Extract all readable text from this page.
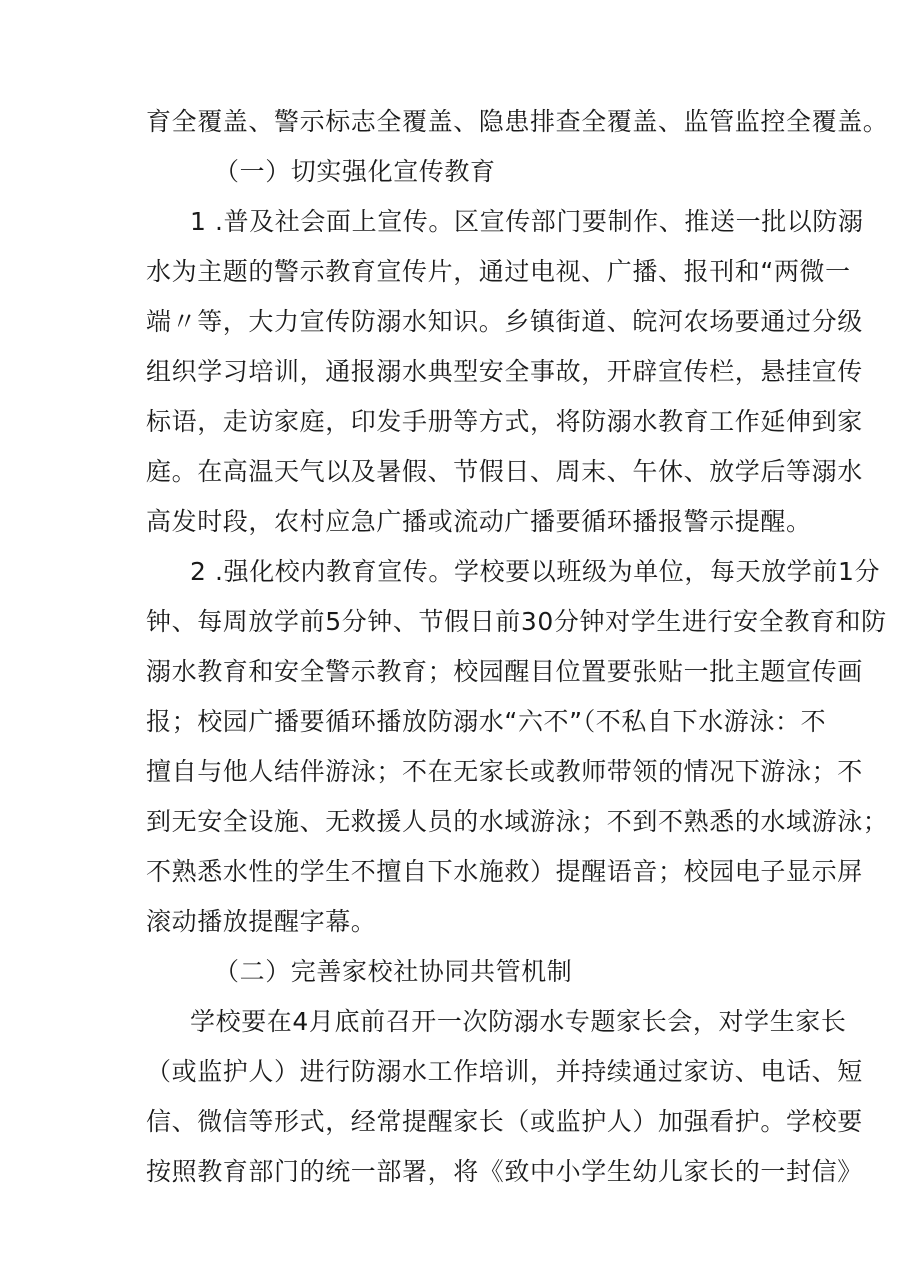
育全覆盖、警示标志全覆盖、隐患排查全覆盖、监管监控全覆盖。
（一）切实强化宣传教育
1 .普及社会面上宣传。区宣传部门要制作、推送一批以防溺
水为主题的警示教育宣传片，通过电视、广播、报刊和“两微一
端〃等，大力宣传防溺水知识。乡镇街道、皖河农场要通过分级
组织学习培训，通报溺水典型安全事故，开辟宣传栏，悬挂宣传
标语，走访家庭，印发手册等方式，将防溺水教育工作延伸到家
庭。在高温天气以及暑假、节假日、周末、午休、放学后等溺水
高发时段，农村应急广播或流动广播要循环播报警示提醒。
2 .强化校内教育宣传。学校要以班级为单位，每天放学前1分
钟、每周放学前5分钟、节假日前30分钟对学生进行安全教育和防
溺水教育和安全警示教育；校园醒目位置要张贴一批主题宣传画
报；校园广播要循环播放防溺水“六不”（不私自下水游泳：不
擅自与他人结伴游泳；不在无家长或教师带领的情况下游泳；不
到无安全设施、无救援人员的水域游泳；不到不熟悉的水域游泳；
不熟悉水性的学生不擅自下水施救）提醒语音；校园电子显示屏
滚动播放提醒字幕。
（二）完善家校社协同共管机制
学校要在4月底前召开一次防溺水专题家长会，对学生家长
（或监护人）进行防溺水工作培训，并持续通过家访、电话、短
信、微信等形式，经常提醒家长（或监护人）加强看护。学校要
按照教育部门的统一部署，将《致中小学生幼儿家长的一封信》
